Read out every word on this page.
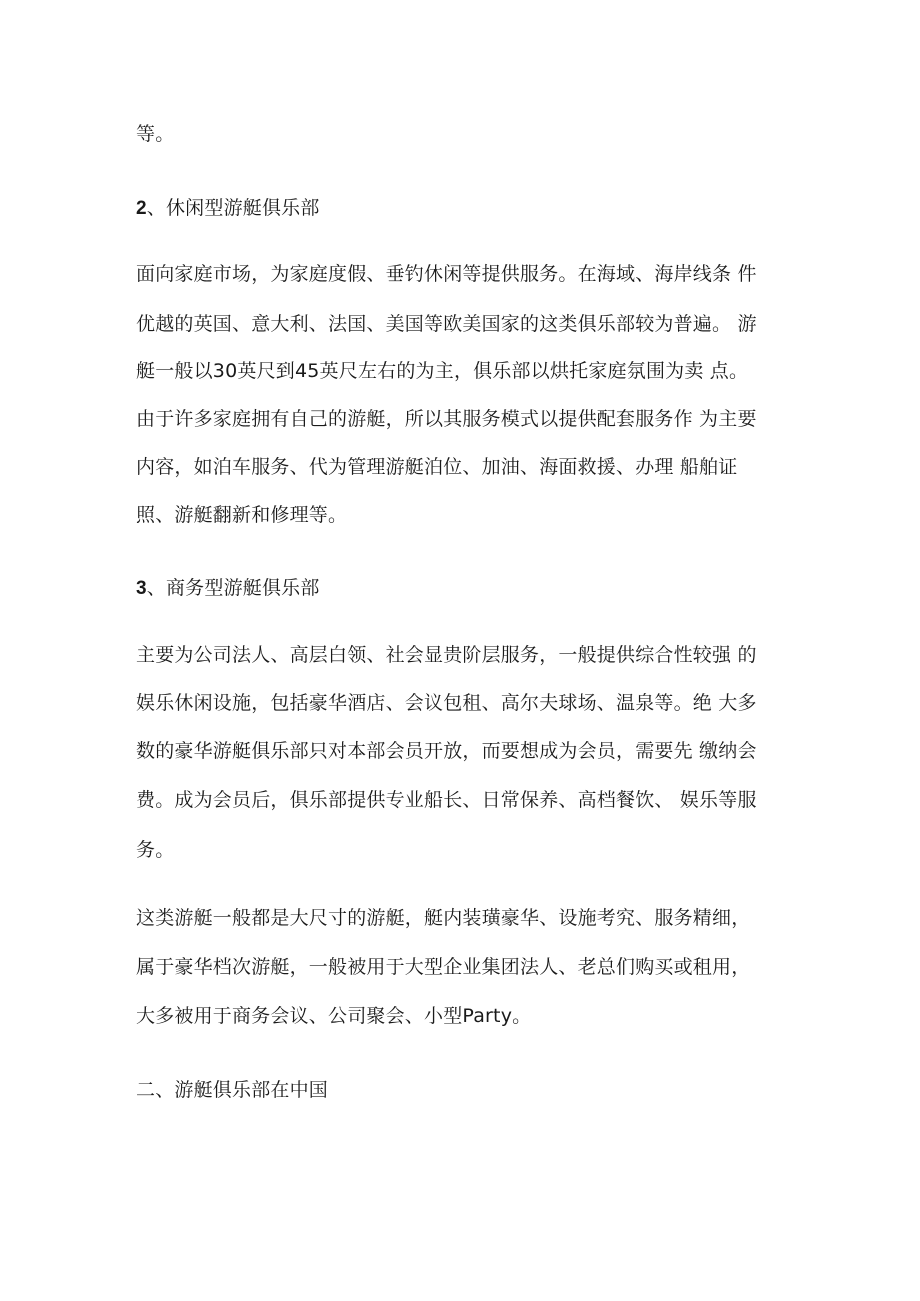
等。
2、休闲型游艇俱乐部
面向家庭市场，为家庭度假、垂钓休闲等提供服务。在海域、海岸线条 件
优越的英国、意大利、法国、美国等欧美国家的这类俱乐部较为普遍。 游
艇一般以30英尺到45英尺左右的为主，俱乐部以烘托家庭氛围为卖 点。
由于许多家庭拥有自己的游艇，所以其服务模式以提供配套服务作 为主要
内容，如泊车服务、代为管理游艇泊位、加油、海面救援、办理 船舶证
照、游艇翻新和修理等。
3、商务型游艇俱乐部
主要为公司法人、高层白领、社会显贵阶层服务，一般提供综合性较强 的
娱乐休闲设施，包括豪华酒店、会议包租、高尔夫球场、温泉等。绝 大多
数的豪华游艇俱乐部只对本部会员开放，而要想成为会员，需要先 缴纳会
费。成为会员后，俱乐部提供专业船长、日常保养、高档餐饮、 娱乐等服
务。
这类游艇一般都是大尺寸的游艇，艇内装璜豪华、设施考究、服务精细，
属于豪华档次游艇，一般被用于大型企业集团法人、老总们购买或租用，
大多被用于商务会议、公司聚会、小型Party。
二、游艇俱乐部在中国
